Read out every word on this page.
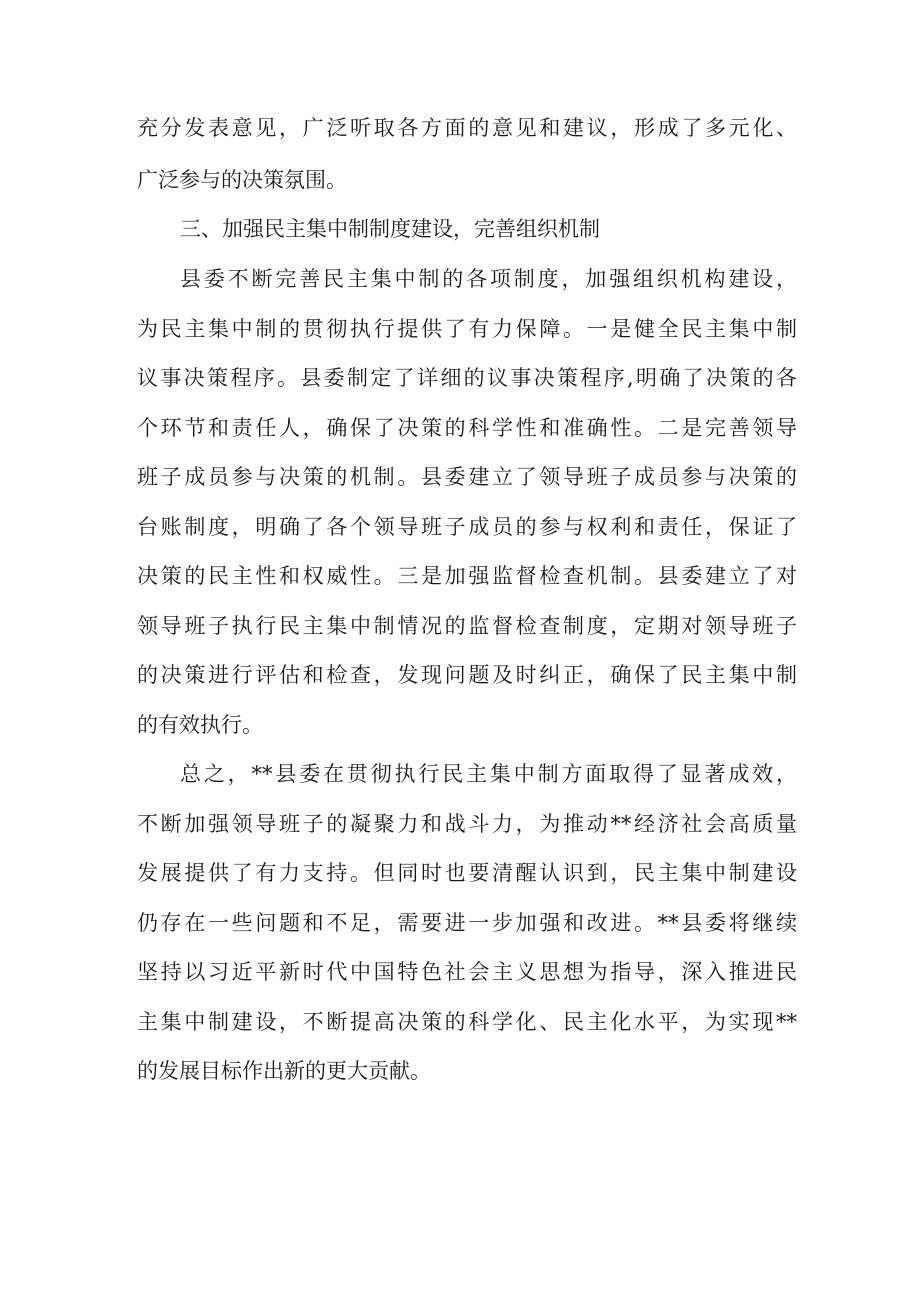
充分发表意见，广泛听取各方面的意见和建议，形成了多元化、
广泛参与的决策氛围。
三、加强民主集中制制度建设，完善组织机制
县委不断完善民主集中制的各项制度，加强组织机构建设，
为民主集中制的贯彻执行提供了有力保障。一是健全民主集中制
议事决策程序。县委制定了详细的议事决策程序,明确了决策的各
个环节和责任人，确保了决策的科学性和准确性。二是完善领导
班子成员参与决策的机制。县委建立了领导班子成员参与决策的
台账制度，明确了各个领导班子成员的参与权利和责任，保证了
决策的民主性和权威性。三是加强监督检查机制。县委建立了对
领导班子执行民主集中制情况的监督检查制度，定期对领导班子
的决策进行评估和检查，发现问题及时纠正，确保了民主集中制
的有效执行。
总之，**县委在贯彻执行民主集中制方面取得了显著成效，
不断加强领导班子的凝聚力和战斗力，为推动**经济社会高质量
发展提供了有力支持。但同时也要清醒认识到，民主集中制建设
仍存在一些问题和不足，需要进一步加强和改进。**县委将继续
坚持以习近平新时代中国特色社会主义思想为指导，深入推进民
主集中制建设，不断提高决策的科学化、民主化水平，为实现**
的发展目标作出新的更大贡献。
